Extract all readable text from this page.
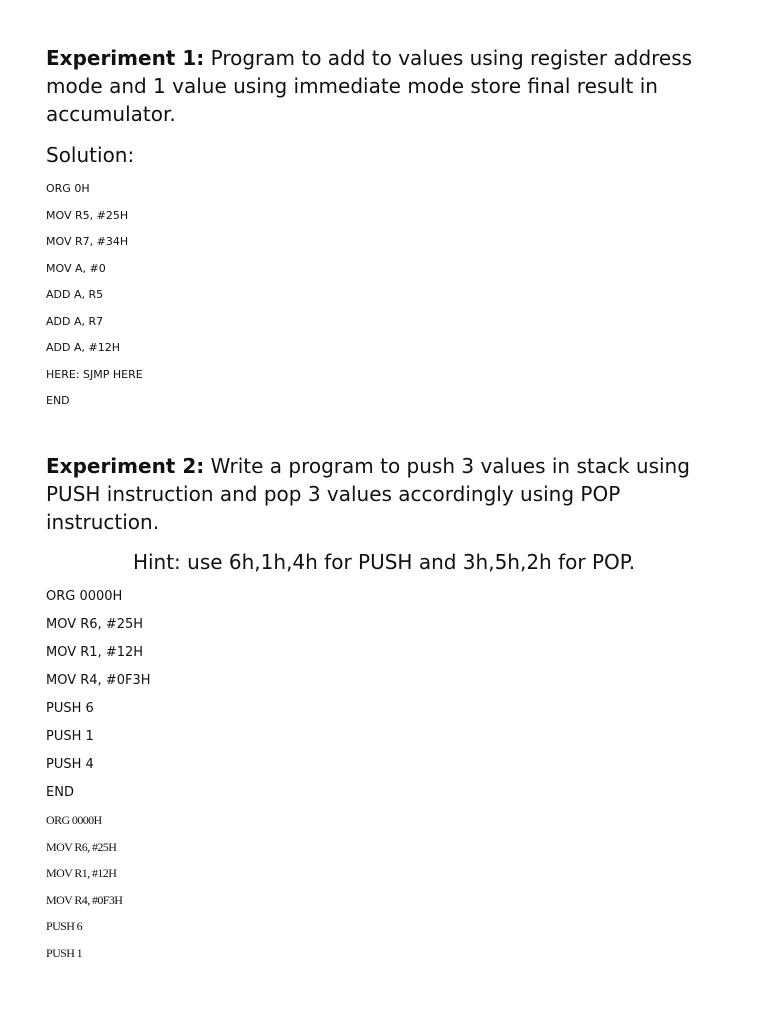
Experiment 1: Program to add to values using register address mode and 1 value using immediate mode store final result in accumulator.

Solution:

ORG 0H
MOV R5, #25H
MOV R7, #34H
MOV A, #0
ADD A, R5
ADD A, R7
ADD A, #12H
HERE: SJMP HERE
END

Experiment 2: Write a program to push 3 values in stack using PUSH instruction and pop 3 values accordingly using POP instruction.

Hint: use 6h,1h,4h for PUSH and 3h,5h,2h for POP.

ORG 0000H
MOV R6, #25H
MOV R1, #12H
MOV R4, #0F3H
PUSH 6
PUSH 1
PUSH 4
END
ORG 0000H
MOV R6, #25H
MOV R1, #12H
MOV R4, #0F3H
PUSH 6
PUSH 1
